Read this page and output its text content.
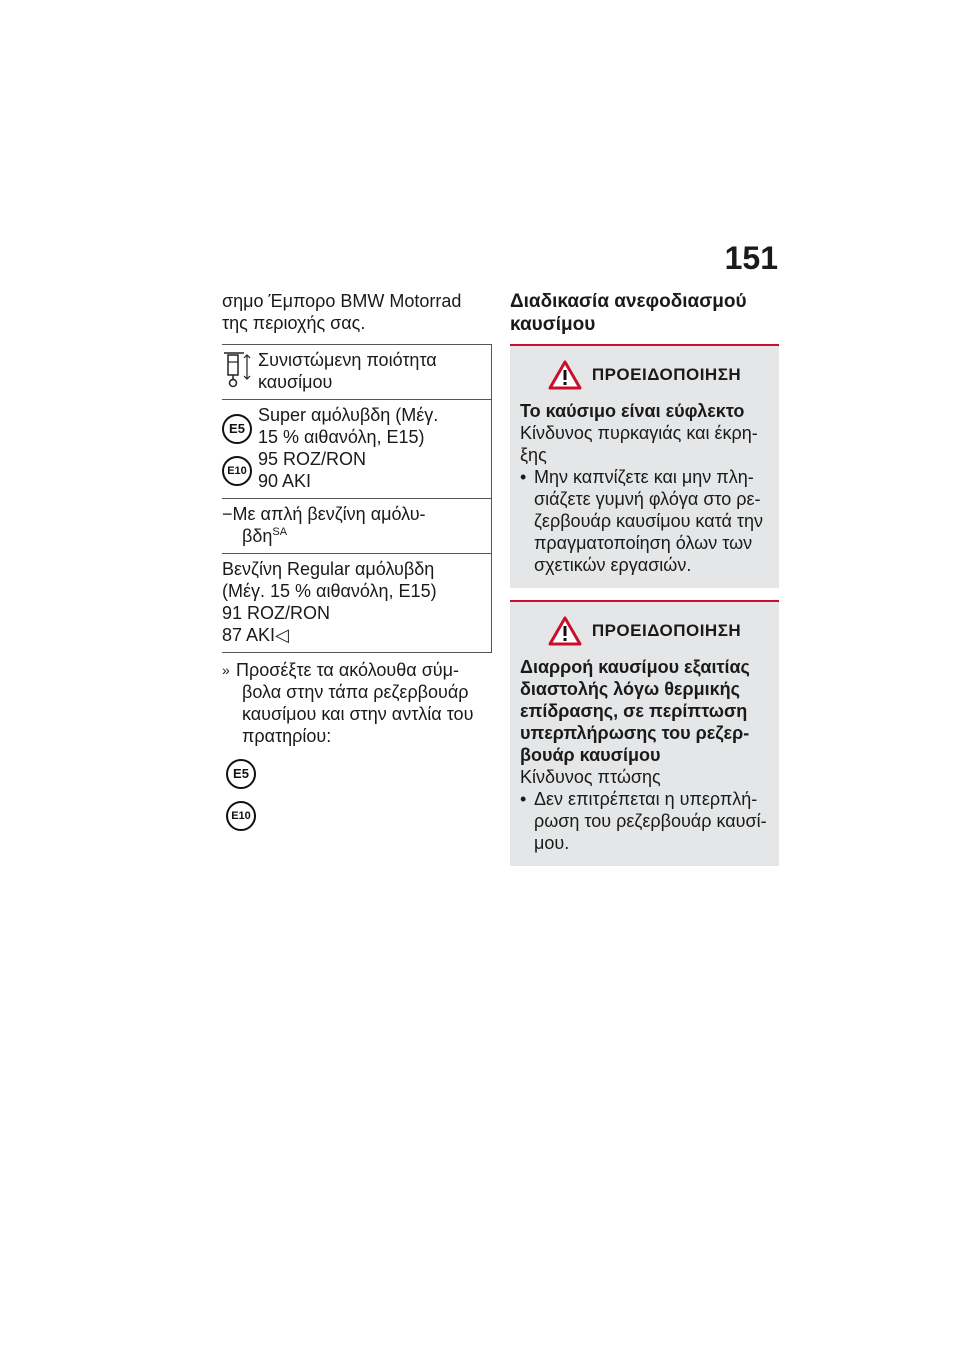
151

σημο Έμπορο BMW Motorrad

της περιοχής σας.

Συνιστώμενη ποιότητα
καυσίμου
E5
E10
Super αμόλυβδη (Μέγ.
15 % αιθανόλη, E15)
95 ROZ/RON
90 AKI
−Με απλή βενζίνη αμόλυ-
βδη$^{SA}$
Βενζίνη Regular αμόλυβδη
(Μέγ. 15 % αιθανόλη, E15)
91 ROZ/RON
87 AKI◁
» Προσέξτε τα ακόλουθα σύμ-
βολα στην τάπα ρεζερβουάρ
καυσίμου και στην αντλία του
πρατηρίου:
E5
E10

Διαδικασία ανεφοδιασμού

καυσίμου

ΠΡΟΕΙΔΟΠΟΙΗΣΗ
Το καύσιμο είναι εύφλεκτο
Κίνδυνος πυρκαγιάς και έκρη-
ξης
• Μην καπνίζετε και μην πλη-
σιάζετε γυμνή φλόγα στο ρε-
ζερβουάρ καυσίμου κατά την
πραγματοποίηση όλων των
σχετικών εργασιών.
ΠΡΟΕΙΔΟΠΟΙΗΣΗ
Διαρροή καυσίμου εξαιτίας
διαστολής λόγω θερμικής
επίδρασης, σε περίπτωση
υπερπλήρωσης του ρεζερ-
βουάρ καυσίμου
Κίνδυνος πτώσης
• Δεν επιτρέπεται η υπερπλή-
ρωση του ρεζερβουάρ καυσί-
μου.
